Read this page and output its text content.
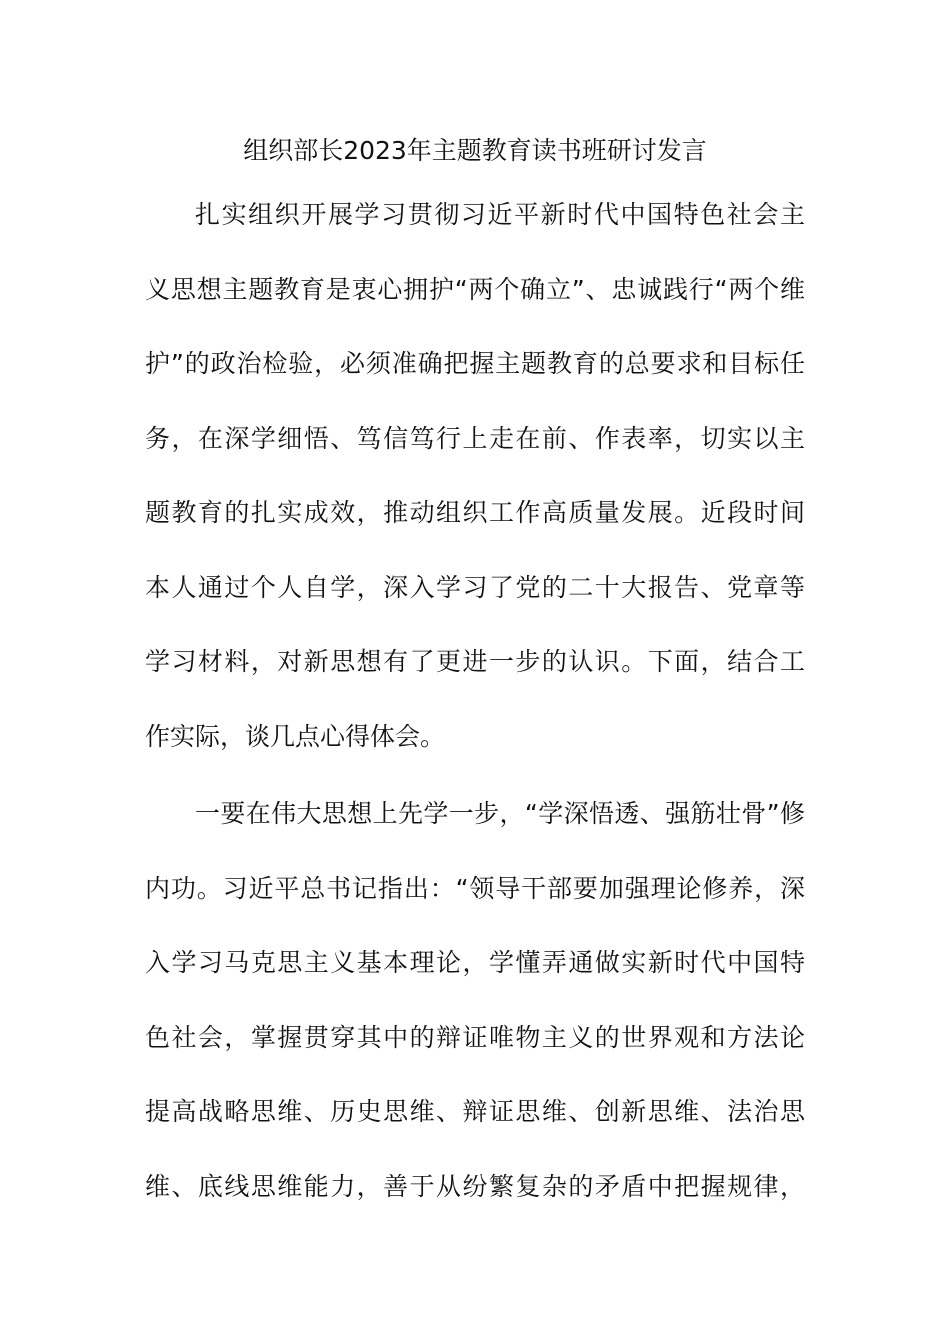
组织部长2023年主题教育读书班研讨发言
扎实组织开展学习贯彻习近平新时代中国特色社会主
义思想主题教育是衷心拥护“两个确立”、忠诚践行“两个维
护”的政治检验，必须准确把握主题教育的总要求和目标任
务，在深学细悟、笃信笃行上走在前、作表率，切实以主
题教育的扎实成效，推动组织工作高质量发展。近段时间
本人通过个人自学，深入学习了党的二十大报告、党章等
学习材料，对新思想有了更进一步的认识。下面，结合工
作实际，谈几点心得体会。
一要在伟大思想上先学一步，“学深悟透、强筋壮骨”修
内功。习近平总书记指出：“领导干部要加强理论修养，深
入学习马克思主义基本理论，学懂弄通做实新时代中国特
色社会，掌握贯穿其中的辩证唯物主义的世界观和方法论
提高战略思维、历史思维、辩证思维、创新思维、法治思
维、底线思维能力，善于从纷繁复杂的矛盾中把握规律，
